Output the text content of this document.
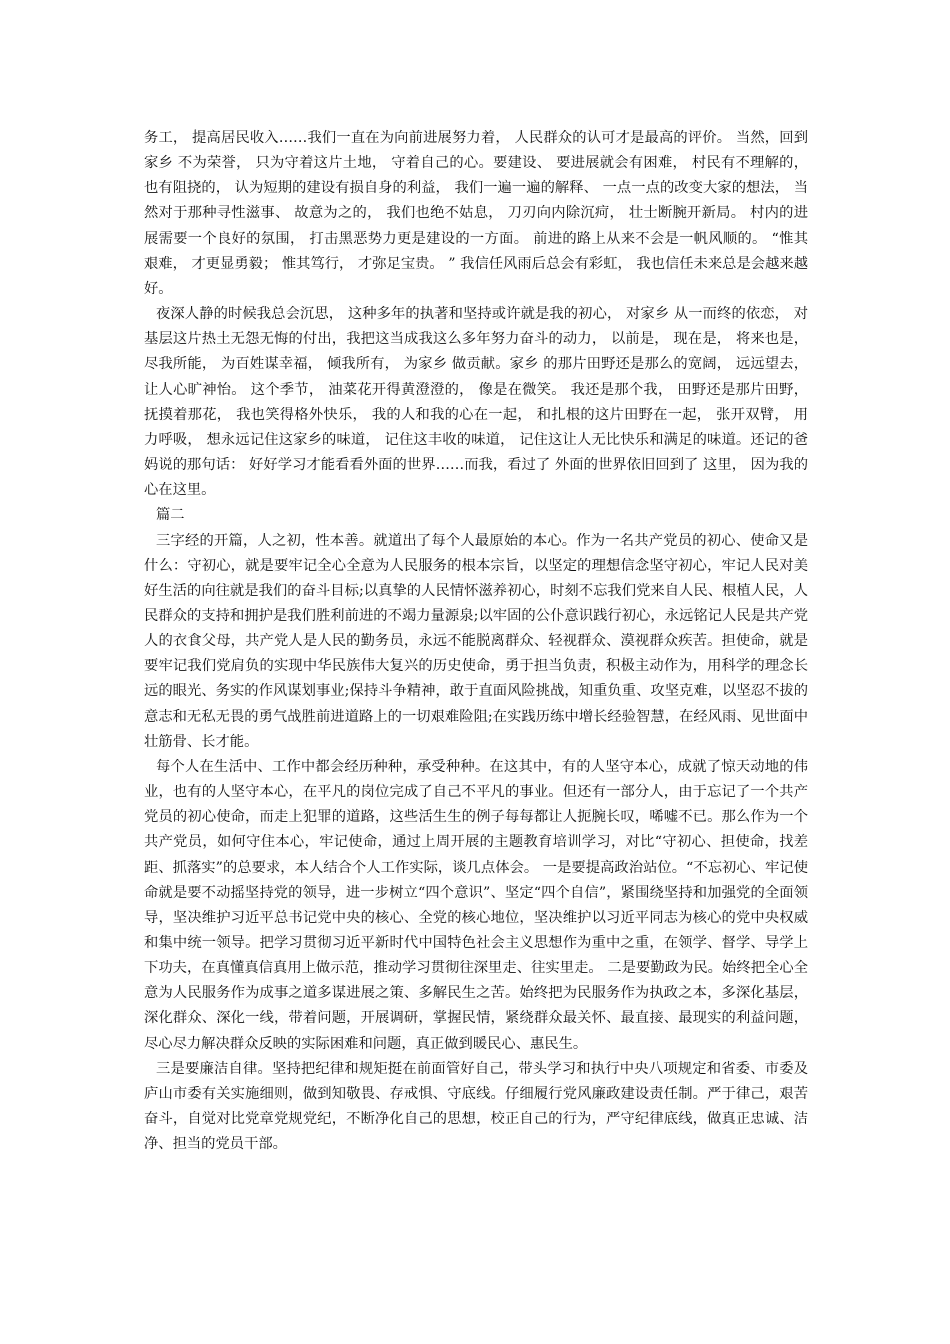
务工， 提高居民收入……我们一直在为向前进展努力着， 人民群众的认可才是最高的评价。 当然，回到家乡 不为荣誉， 只为守着这片土地， 守着自己的心。要建设、 要进展就会有困难， 村民有不理解的， 也有阻挠的， 认为短期的建设有损自身的利益， 我们一遍一遍的解释、 一点一点的改变大家的想法， 当然对于那种寻性滋事、 故意为之的， 我们也绝不姑息， 刀刃向内除沉疴， 壮士断腕开新局。 村内的进展需要一个良好的氛围， 打击黑恶势力更是建设的一方面。 前进的路上从来不会是一帆风顺的。 “惟其艰难， 才更显勇毅； 惟其笃行， 才弥足宝贵。 ” 我信任风雨后总会有彩虹， 我也信任未来总是会越来越好。

夜深人静的时候我总会沉思， 这种多年的执著和坚持或许就是我的初心， 对家乡 从一而终的依恋， 对基层这片热土无怨无悔的付出，我把这当成我这么多年努力奋斗的动力， 以前是， 现在是， 将来也是，尽我所能， 为百姓谋幸福， 倾我所有， 为家乡 做贡献。家乡 的那片田野还是那么的宽阔， 远远望去， 让人心旷神怡。 这个季节， 油菜花开得黄澄澄的， 像是在微笑。 我还是那个我， 田野还是那片田野， 抚摸着那花， 我也笑得格外快乐， 我的人和我的心在一起， 和扎根的这片田野在一起， 张开双臂， 用力呼吸， 想永远记住这家乡的味道， 记住这丰收的味道， 记住这让人无比快乐和满足的味道。还记的爸妈说的那句话： 好好学习才能看看外面的世界……而我，看过了 外面的世界依旧回到了 这里， 因为我的心在这里。

篇二

三字经的开篇，人之初，性本善。就道出了每个人最原始的本心。作为一名共产党员的初心、使命又是什么：守初心，就是要牢记全心全意为人民服务的根本宗旨，以坚定的理想信念坚守初心，牢记人民对美好生活的向往就是我们的奋斗目标;以真挚的人民情怀滋养初心，时刻不忘我们党来自人民、根植人民，人民群众的支持和拥护是我们胜利前进的不竭力量源泉;以牢固的公仆意识践行初心，永远铭记人民是共产党人的衣食父母，共产党人是人民的勤务员，永远不能脱离群众、轻视群众、漠视群众疾苦。担使命，就是要牢记我们党肩负的实现中华民族伟大复兴的历史使命，勇于担当负责，积极主动作为，用科学的理念长远的眼光、务实的作风谋划事业;保持斗争精神，敢于直面风险挑战，知重负重、攻坚克难，以坚忍不拔的意志和无私无畏的勇气战胜前进道路上的一切艰难险阻;在实践历练中增长经验智慧，在经风雨、见世面中壮筋骨、长才能。

每个人在生活中、工作中都会经历种种，承受种种。在这其中，有的人坚守本心，成就了惊天动地的伟业，也有的人坚守本心，在平凡的岗位完成了自己不平凡的事业。但还有一部分人，由于忘记了一个共产党员的初心使命，而走上犯罪的道路，这些活生生的例子每每都让人扼腕长叹，唏嘘不已。那么作为一个共产党员，如何守住本心，牢记使命，通过上周开展的主题教育培训学习，对比“守初心、担使命，找差距、抓落实”的总要求，本人结合个人工作实际，谈几点体会。 一是要提高政治站位。“不忘初心、牢记使命就是要不动摇坚持党的领导，进一步树立“四个意识”、坚定“四个自信”，紧围绕坚持和加强党的全面领导，坚决维护习近平总书记党中央的核心、全党的核心地位，坚决维护以习近平同志为核心的党中央权威和集中统一领导。把学习贯彻习近平新时代中国特色社会主义思想作为重中之重，在领学、督学、导学上下功夫，在真懂真信真用上做示范，推动学习贯彻往深里走、往实里走。 二是要勤政为民。始终把全心全意为人民服务作为成事之道多谋进展之策、多解民生之苦。始终把为民服务作为执政之本，多深化基层，深化群众、深化一线，带着问题，开展调研，掌握民情，紧绕群众最关怀、最直接、最现实的利益问题，尽心尽力解决群众反映的实际困难和问题，真正做到暖民心、惠民生。

三是要廉洁自律。坚持把纪律和规矩挺在前面管好自己，带头学习和执行中央八项规定和省委、市委及庐山市委有关实施细则，做到知敬畏、存戒惧、守底线。仔细履行党风廉政建设责任制。严于律己，艰苦奋斗，自觉对比党章党规党纪，不断净化自己的思想，校正自己的行为，严守纪律底线，做真正忠诚、洁净、担当的党员干部。
